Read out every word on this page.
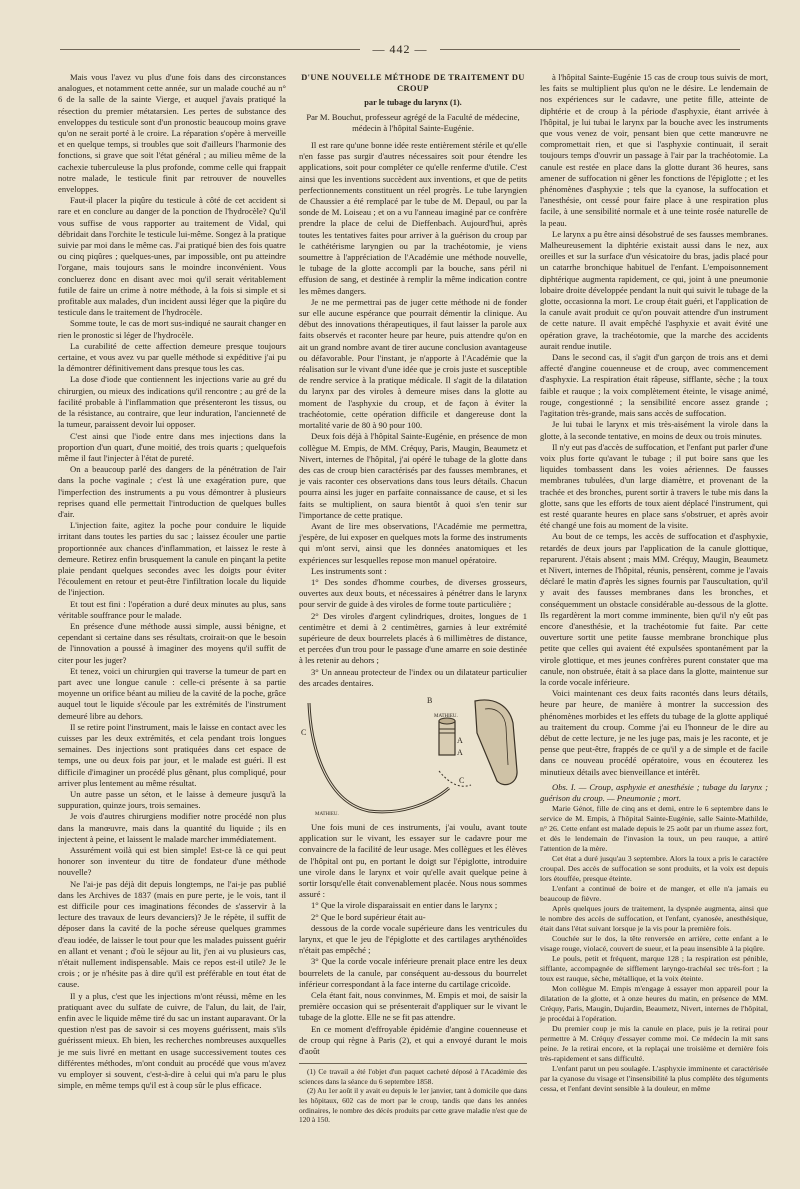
— 442 —

Mais vous l'avez vu plus d'une fois dans des circonstances analogues, et notamment cette année, sur un malade couché au n° 6 de la salle de la sainte Vierge, et auquel j'avais pratiqué la résection du premier métatarsien. Les pertes de substance des enveloppes du testicule sont d'un pronostic beaucoup moins grave qu'on ne serait porté à le croire. La réparation s'opère à merveille et en quelque temps, si troubles que soit d'ailleurs l'harmonie des fonctions, si grave que soit l'état général ; au milieu même de la cachexie tuberculeuse la plus profonde, comme celle qui frappait notre malade, le testicule finit par retrouver de nouvelles enveloppes.

Faut-il placer la piqûre du testicule à côté de cet accident si rare et en conclure au danger de la ponction de l'hydrocèle? Qu'il vous suffise de vous rapporter au traitement de Vidal, qui débridait dans l'orchite le testicule lui-même. Songez à la pratique suivie par moi dans le même cas. J'ai pratiqué bien des fois quatre ou cinq piqûres ; quelques-unes, par impossible, ont pu atteindre l'organe, mais toujours sans le moindre inconvénient. Vous concluerez donc en disant avec moi qu'il serait véritablement futile de faire un crime à notre méthode, à la fois si simple et si profitable aux malades, d'un incident aussi léger que la piqûre du testicule dans le traitement de l'hydrocèle.

Somme toute, le cas de mort sus-indiqué ne saurait changer en rien le pronostic si léger de l'hydrocèle.

La curabilité de cette affection demeure presque toujours certaine, et vous avez vu par quelle méthode si expéditive j'ai pu la démontrer définitivement dans presque tous les cas.

La dose d'iode que contiennent les injections varie au gré du chirurgien, ou mieux des indications qu'il rencontre ; au gré de la facilité probable à l'inflammation que présenteront les tissus, ou de la résistance, au contraire, que leur induration, l'ancienneté de la tumeur, paraissent devoir lui opposer.

C'est ainsi que l'iode entre dans mes injections dans la proportion d'un quart, d'une moitié, des trois quarts ; quelquefois même il faut l'injecter à l'état de pureté.

On a beaucoup parlé des dangers de la pénétration de l'air dans la poche vaginale ; c'est là une exagération pure, que l'imperfection des instruments a pu vous démontrer à plusieurs reprises quand elle permettait l'introduction de quelques bulles d'air.

L'injection faite, agitez la poche pour conduire le liquide irritant dans toutes les parties du sac ; laissez écouler une partie proportionnée aux chances d'inflammation, et laissez le reste à demeure. Retirez enfin brusquement la canule en pinçant la petite plaie pendant quelques secondes avec les doigts pour éviter l'écoulement en retour et peut-être l'infiltration locale du liquide de l'injection.

Et tout est fini : l'opération a duré deux minutes au plus, sans véritable souffrance pour le malade.

En présence d'une méthode aussi simple, aussi bénigne, et cependant si certaine dans ses résultats, croirait-on que le besoin de l'innovation a poussé à imaginer des moyens qu'il suffit de citer pour les juger?

Et tenez, voici un chirurgien qui traverse la tumeur de part en part avec une longue canule : celle-ci présente à sa partie moyenne un orifice béant au milieu de la cavité de la poche, grâce auquel tout le liquide s'écoule par les extrémités de l'instrument demeuré libre au dehors.

Il se retire point l'instrument, mais le laisse en contact avec les cuisses par les deux extrémités, et cela pendant trois longues semaines. Des injections sont pratiquées dans cet espace de temps, une ou deux fois par jour, et le malade est guéri. Il est difficile d'imaginer un procédé plus gênant, plus compliqué, pour arriver plus lentement au même résultat.

Un autre passe un séton, et le laisse à demeure jusqu'à la suppuration, quinze jours, trois semaines.

Je vois d'autres chirurgiens modifier notre procédé non plus dans la manœuvre, mais dans la quantité du liquide ; ils en injectent à peine, et laissent le malade marcher immédiatement.

Assurément voilà qui est bien simple! Est-ce là ce qui peut honorer son inventeur du titre de fondateur d'une méthode nouvelle?

Ne l'ai-je pas déjà dit depuis longtemps, ne l'ai-je pas publié dans les Archives de 1837 (mais en pure perte, je le vois, tant il est difficile pour ces imaginations fécondes de s'asservir à la lecture des travaux de leurs devanciers)? Je le répète, il suffit de déposer dans la cavité de la poche séreuse quelques grammes d'eau iodée, de laisser le tout pour que les malades puissent guérir en allant et venant ; d'où le séjour au lit, j'en ai vu plusieurs cas, n'était nullement indispensable. Mais ce repos est-il utile? Je le crois ; or je n'hésite pas à dire qu'il est préférable en tout état de cause.

Il y a plus, c'est que les injections m'ont réussi, même en les pratiquant avec du sulfate de cuivre, de l'alun, du lait, de l'air, enfin avec le liquide même tiré du sac un instant auparavant. Or la question n'est pas de savoir si ces moyens guérissent, mais s'ils guérissent mieux. Eh bien, les recherches nombreuses auxquelles je me suis livré en mettant en usage successivement toutes ces différentes méthodes, m'ont conduit au procédé que vous m'avez vu employer si souvent, c'est-à-dire à celui qui m'a paru le plus simple, en même temps qu'il est à coup sûr le plus efficace.

D'UNE NOUVELLE MÉTHODE DE TRAITEMENT DU CROUP
par le tubage du larynx (1).
Par M. Bouchut, professeur agrégé de la Faculté de médecine, médecin à l'hôpital Sainte-Eugénie.

Il est rare qu'une bonne idée reste entièrement stérile et qu'elle n'en fasse pas surgir d'autres nécessaires soit pour étendre les applications, soit pour compléter ce qu'elle renferme d'utile. C'est ainsi que les inventions succèdent aux inventions, et que de petits perfectionnements constituent un réel progrès. Le tube laryngien de Chaussier a été remplacé par le tube de M. Depaul, ou par la sonde de M. Loiseau ; et on a vu l'anneau imaginé par ce confrère prendre la place de celui de Dieffenbach. Aujourd'hui, après toutes les tentatives faites pour arriver à la guérison du croup par le cathétérisme laryngien ou par la trachéotomie, je viens soumettre à l'appréciation de l'Académie une méthode nouvelle, le tubage de la glotte accompli par la bouche, sans péril ni effusion de sang, et destinée à remplir la même indication contre les mêmes dangers.

Je ne me permettrai pas de juger cette méthode ni de fonder sur elle aucune espérance que pourrait démentir la clinique. Au début des innovations thérapeutiques, il faut laisser la parole aux faits observés et raconter heure par heure, puis attendre qu'on en ait un grand nombre avant de tirer aucune conclusion avantageuse ou défavorable. Pour l'instant, je n'apporte à l'Académie que la réalisation sur le vivant d'une idée que je crois juste et susceptible de rendre service à la pratique médicale. Il s'agit de la dilatation du larynx par des viroles à demeure mises dans la glotte au moment de l'asphyxie du croup, et de façon à éviter la trachéotomie, cette opération difficile et dangereuse dont la mortalité varie de 80 à 90 pour 100.

Deux fois déjà à l'hôpital Sainte-Eugénie, en présence de mon collègue M. Empis, de MM. Créquy, Paris, Maugin, Beaumetz et Nivert, internes de l'hôpital, j'ai opéré le tubage de la glotte dans des cas de croup bien caractérisés par des fausses membranes, et je vais raconter ces observations dans tous leurs détails. Chacun pourra ainsi les juger en parfaite connaissance de cause, et si les faits se multiplient, on saura bientôt à quoi s'en tenir sur l'importance de cette pratique.

Avant de lire mes observations, l'Académie me permettra, j'espère, de lui exposer en quelques mots la forme des instruments qui m'ont servi, ainsi que les données anatomiques et les expériences sur lesquelles repose mon manuel opératoire.

Les instruments sont :

1° Des sondes d'homme courbes, de diverses grosseurs, ouvertes aux deux bouts, et nécessaires à pénétrer dans le larynx pour servir de guide à des viroles de forme toute particulière ;

2° Des viroles d'argent cylindriques, droites, longues de 1 centimètre et demi à 2 centimètres, garnies à leur extrémité supérieure de deux bourrelets placés à 6 millimètres de distance, et percées d'un trou pour le passage d'une amarre en soie destinée à les retenir au dehors ;

3° Un anneau protecteur de l'index ou un dilatateur particulier des arcades dentaires.

C
B
A
MATHIEU.
C
A
MATHIEU.

Une fois muni de ces instruments, j'ai voulu, avant toute application sur le vivant, les essayer sur le cadavre pour me convaincre de la facilité de leur usage. Mes collègues et les élèves de l'hôpital ont pu, en portant le doigt sur l'épiglotte, introduire une virole dans le larynx et voir qu'elle avait quelque peine à sortir lorsqu'elle était convenablement placée. Nous nous sommes assuré :

1° Que la virole disparaissait en entier dans le larynx ;

2° Que le bord supérieur était au-

dessous de la corde vocale supérieure dans les ventricules du larynx, et que le jeu de l'épiglotte et des cartilages arythénoïdes n'était pas empêché ;

3° Que la corde vocale inférieure prenait place entre les deux bourrelets de la canule, par conséquent au-dessous du bourrelet inférieur correspondant à la face interne du cartilage cricoïde.

Cela étant fait, nous convinmes, M. Empis et moi, de saisir la première occasion qui se présenterait d'appliquer sur le vivant le tubage de la glotte. Elle ne se fit pas attendre.

En ce moment d'effroyable épidémie d'angine couenneuse et de croup qui règne à Paris (2), et qui a envoyé durant le mois d'août

(1) Ce travail a été l'objet d'un paquet cacheté déposé à l'Académie des sciences dans la séance du 6 septembre 1858.

(2) Au 1er août il y avait eu depuis le 1er janvier, tant à domicile que dans les hôpitaux, 602 cas de mort par le croup, tandis que dans les années ordinaires, le nombre des décès produits par cette grave maladie n'est que de 120 à 150.

à l'hôpital Sainte-Eugénie 15 cas de croup tous suivis de mort, les faits se multiplient plus qu'on ne le désire. Le lendemain de nos expériences sur le cadavre, une petite fille, atteinte de diphtérie et de croup à la période d'asphyxie, étant arrivée à l'hôpital, je lui tubai le larynx par la bouche avec les instruments que vous venez de voir, pensant bien que cette manœuvre ne compromettait rien, et que si l'asphyxie continuait, il serait toujours temps d'ouvrir un passage à l'air par la trachéotomie. La canule est restée en place dans la glotte durant 36 heures, sans amener de suffocation ni gêner les fonctions de l'épiglotte ; et les phénomènes d'asphyxie ; tels que la cyanose, la suffocation et l'anesthésie, ont cessé pour faire place à une respiration plus facile, à une sensibilité normale et à une teinte rosée naturelle de la peau.

Le larynx a pu être ainsi désobstrué de ses fausses membranes. Malheureusement la diphtérie existait aussi dans le nez, aux oreilles et sur la surface d'un vésicatoire du bras, jadis placé pour un catarrhe bronchique habituel de l'enfant. L'empoisonnement diphtérique augmenta rapidement, ce qui, joint à une pneumonie lobaire droite développée pendant la nuit qui suivit le tubage de la glotte, occasionna la mort. Le croup était guéri, et l'application de la canule avait produit ce qu'on pouvait attendre d'un instrument de cette nature. Il avait empêché l'asphyxie et avait évité une opération grave, la trachéotomie, que la marche des accidents aurait rendue inutile.

Dans le second cas, il s'agit d'un garçon de trois ans et demi affecté d'angine couenneuse et de croup, avec commencement d'asphyxie. La respiration était râpeuse, sifflante, sèche ; la toux faible et rauque ; la voix complètement éteinte, le visage animé, rouge, congestionné ; la sensibilité encore assez grande ; l'agitation très-grande, mais sans accès de suffocation.

Je lui tubai le larynx et mis très-aisément la virole dans la glotte, à la seconde tentative, en moins de deux ou trois minutes.

Il n'y eut pas d'accès de suffocation, et l'enfant put parler d'une voix plus forte qu'avant le tubage ; il put boire sans que les liquides tombassent dans les voies aériennes. De fausses membranes tubulées, d'un large diamètre, et provenant de la trachée et des bronches, purent sortir à travers le tube mis dans la glotte, sans que les efforts de toux aient déplacé l'instrument, qui est resté quarante heures en place sans s'obstruer, et après avoir été changé une fois au moment de la visite.

Au bout de ce temps, les accès de suffocation et d'asphyxie, retardés de deux jours par l'application de la canule glottique, reparurent. J'étais absent ; mais MM. Créquy, Maugin, Beaumetz et Nivert, internes de l'hôpital, réunis, pensèrent, comme je l'avais déclaré le matin d'après les signes fournis par l'auscultation, qu'il y avait des fausses membranes dans les bronches, et conséquemment un obstacle considérable au-dessous de la glotte. Ils regardèrent la mort comme imminente, bien qu'il n'y eût pas encore d'anesthésie, et la trachéotomie fut faite. Par cette ouverture sortit une petite fausse membrane bronchique plus petite que celles qui avaient été expulsées spontanément par la virole glottique, et mes jeunes confrères purent constater que ma canule, non obstruée, était à sa place dans la glotte, maintenue sur la corde vocale inférieure.

Voici maintenant ces deux faits racontés dans leurs détails, heure par heure, de manière à montrer la succession des phénomènes morbides et les effets du tubage de la glotte appliqué au traitement du croup. Comme j'ai eu l'honneur de le dire au début de cette lecture, je ne les juge pas, mais je les raconte, et je pense que peut-être, frappés de ce qu'il y a de simple et de facile dans ce nouveau procédé opératoire, vous en écouterez les minutieux détails avec bienveillance et intérêt.

Obs. I. — Croup, asphyxie et anesthésie ; tubage du larynx ; guérison du croup. — Pneumonie ; mort.

Marie Génot, fille de cinq ans et demi, entre le 6 septembre dans le service de M. Empis, à l'hôpital Sainte-Eugénie, salle Sainte-Mathilde, n° 26. Cette enfant est malade depuis le 25 août par un rhume assez fort, et dès le lendemain de l'invasion la toux, un peu rauque, a attiré l'attention de la mère.

Cet état a duré jusqu'au 3 septembre. Alors la toux a pris le caractère croupal. Des accès de suffocation se sont produits, et la voix est depuis lors étouffée, presque éteinte.

L'enfant a continué de boire et de manger, et elle n'a jamais eu beaucoup de fièvre.

Après quelques jours de traitement, la dyspnée augmenta, ainsi que le nombre des accès de suffocation, et l'enfant, cyanosée, anesthésique, était dans l'état suivant lorsque je la vis pour la première fois.

Couchée sur le dos, la tête renversée en arrière, cette enfant a le visage rouge, violacé, couvert de sueur, et la peau insensible à la piqûre.

Le pouls, petit et fréquent, marque 128 ; la respiration est pénible, sifflante, accompagnée de sifflement laryngo-trachéal sec très-fort ; la toux est rauque, sèche, métallique, et la voix éteinte.

Mon collègue M. Empis m'engage à essayer mon appareil pour la dilatation de la glotte, et à onze heures du matin, en présence de MM. Créquy, Paris, Maugin, Dujardin, Beaumetz, Nivert, internes de l'hôpital, je procédai à l'opération.

Du premier coup je mis la canule en place, puis je la retirai pour permettre à M. Créquy d'essayer comme moi. Ce médecin la mit sans peine. Je la retirai encore, et la replaçai une troisième et dernière fois très-rapidement et sans difficulté.

L'enfant parut un peu soulagée. L'asphyxie imminente et caractérisée par la cyanose du visage et l'insensibilité la plus complète des téguments cessa, et l'enfant devint sensible à la douleur, en même
